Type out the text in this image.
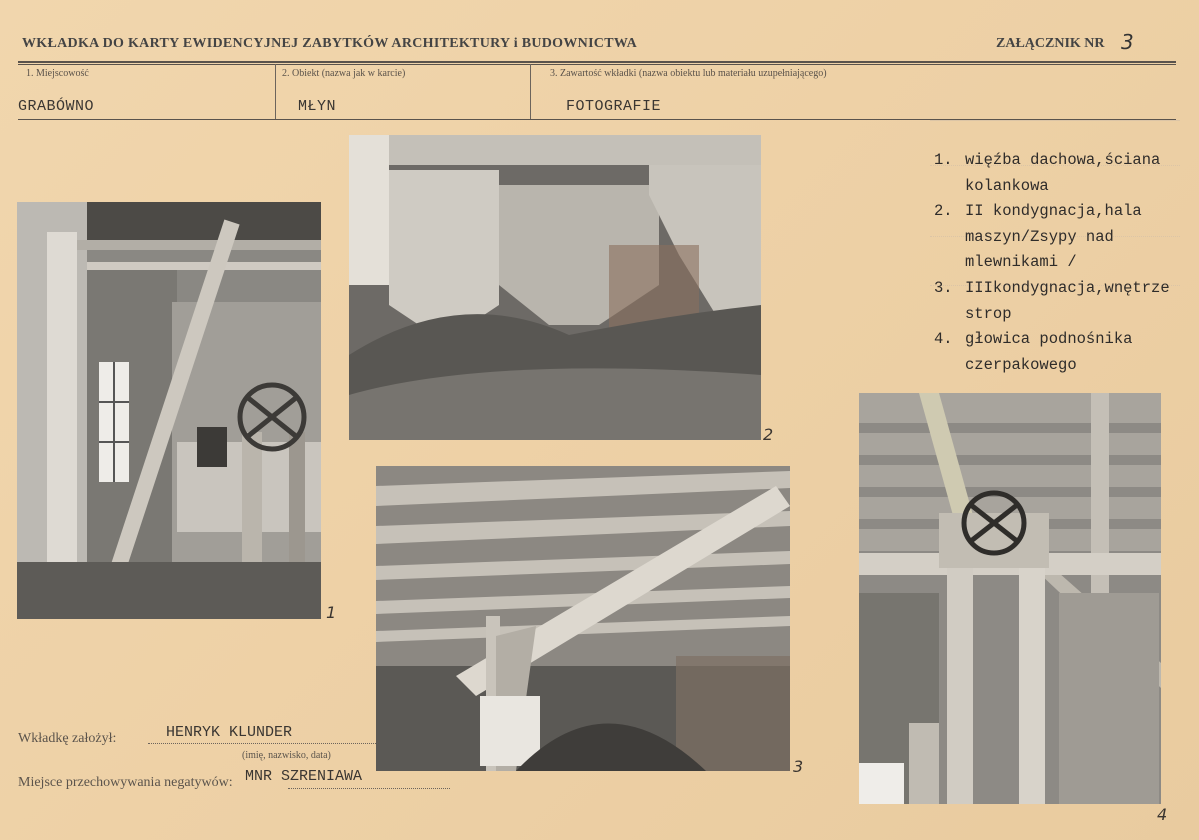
WKŁADKA DO KARTY EWIDENCYJNEJ ZABYTKÓW ARCHITEKTURY i BUDOWNICTWA	ZAŁĄCZNIK NR 3
1. Miejscowość	2. Obiekt (nazwa jak w karcie)	3. Zawartość wkładki (nazwa obiektu lub materiału uzupełniającego)
GRABÓWNO	MŁYN	FOTOGRAFIE
1
2
3
4
1. więźba dachowa,ściana kolankowa
2. II kondygnacja,hala maszyn/Zsypy nad mlewnikami /
3. IIIkondygnacja,wnętrze strop
4. głowica podnośnika czerpakowego
Wkładkę założył:	HENRYK KLUNDER
(imię, nazwisko, data)
Miejsce przechowywania negatywów: MNR SZRENIAWA
